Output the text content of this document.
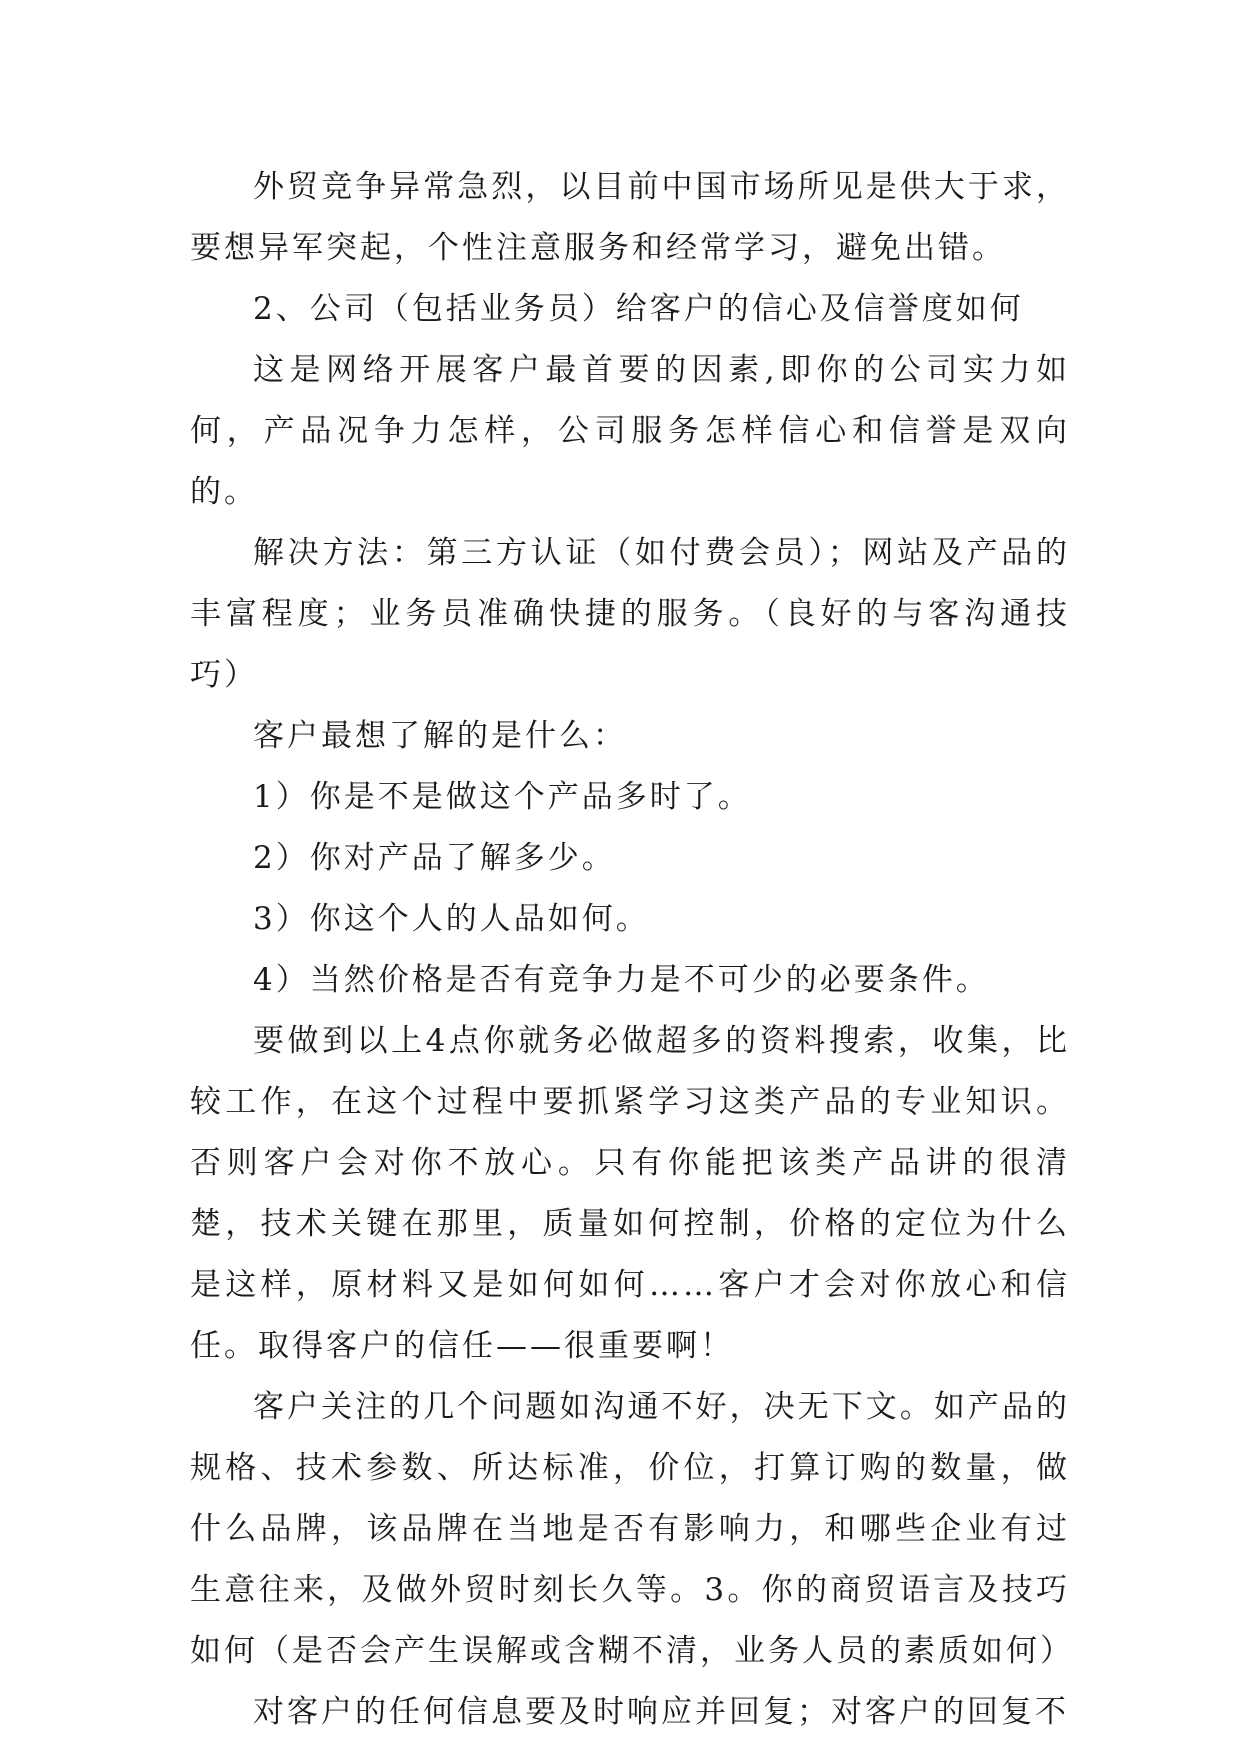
外贸竞争异常急烈，以目前中国市场所见是供大于求，要想异军突起，个性注意服务和经常学习，避免出错。

2、公司（包括业务员）给客户的信心及信誉度如何

这是网络开展客户最首要的因素,即你的公司实力如何，产品况争力怎样，公司服务怎样信心和信誉是双向的。

解决方法：第三方认证（如付费会员）；网站及产品的丰富程度；业务员准确快捷的服务。（良好的与客沟通技巧）

客户最想了解的是什么：

1）你是不是做这个产品多时了。

2）你对产品了解多少。

3）你这个人的人品如何。

4）当然价格是否有竞争力是不可少的必要条件。

要做到以上4点你就务必做超多的资料搜索，收集，比较工作，在这个过程中要抓紧学习这类产品的专业知识。否则客户会对你不放心。只有你能把该类产品讲的很清楚，技术关键在那里，质量如何控制，价格的定位为什么是这样，原材料又是如何如何……客户才会对你放心和信任。取得客户的信任——很重要啊！

客户关注的几个问题如沟通不好，决无下文。如产品的规格、技术参数、所达标准，价位，打算订购的数量，做什么品牌，该品牌在当地是否有影响力，和哪些企业有过生意往来，及做外贸时刻长久等。3。你的商贸语言及技巧如何（是否会产生误解或含糊不清，业务人员的素质如何）

对客户的任何信息要及时响应并回复；对客户的回复不
